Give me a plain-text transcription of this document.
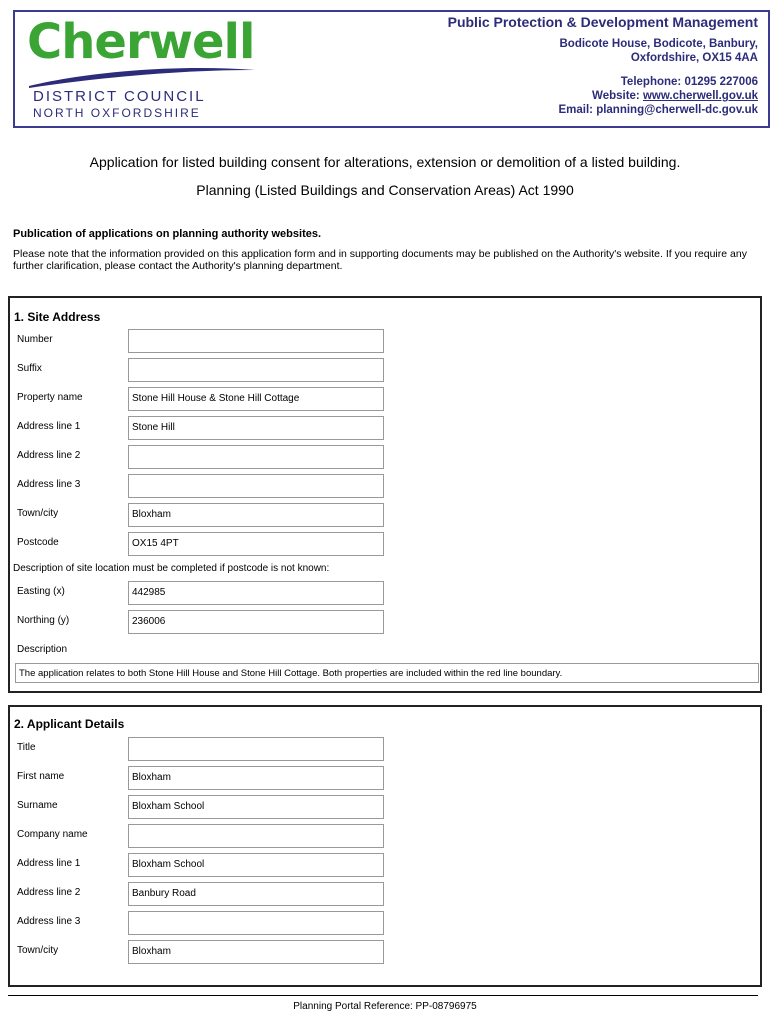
Cherwell
DISTRICT COUNCIL
NORTH OXFORDSHIRE
Public Protection & Development Management
Bodicote House, Bodicote, Banbury,
Oxfordshire, OX15 4AA
Telephone: 01295 227006
Website: www.cherwell.gov.uk
Email: planning@cherwell-dc.gov.uk
Application for listed building consent for alterations, extension or demolition of a listed building.
Planning (Listed Buildings and Conservation Areas) Act 1990
Publication of applications on planning authority websites.
Please note that the information provided on this application form and in supporting documents may be published on the Authority's website. If you require any further clarification, please contact the Authority's planning department.
1. Site Address
Number
Suffix
Property name	Stone Hill House & Stone Hill Cottage
Address line 1	Stone Hill
Address line 2
Address line 3
Town/city	Bloxham
Postcode	OX15 4PT
Description of site location must be completed if postcode is not known:
Easting (x)	442985
Northing (y)	236006
Description
The application relates to both Stone Hill House and Stone Hill Cottage. Both properties are included within the red line boundary.
2. Applicant Details
Title
First name	Bloxham
Surname	Bloxham School
Company name
Address line 1	Bloxham School
Address line 2	Banbury Road
Address line 3
Town/city	Bloxham
Planning Portal Reference: PP-08796975
